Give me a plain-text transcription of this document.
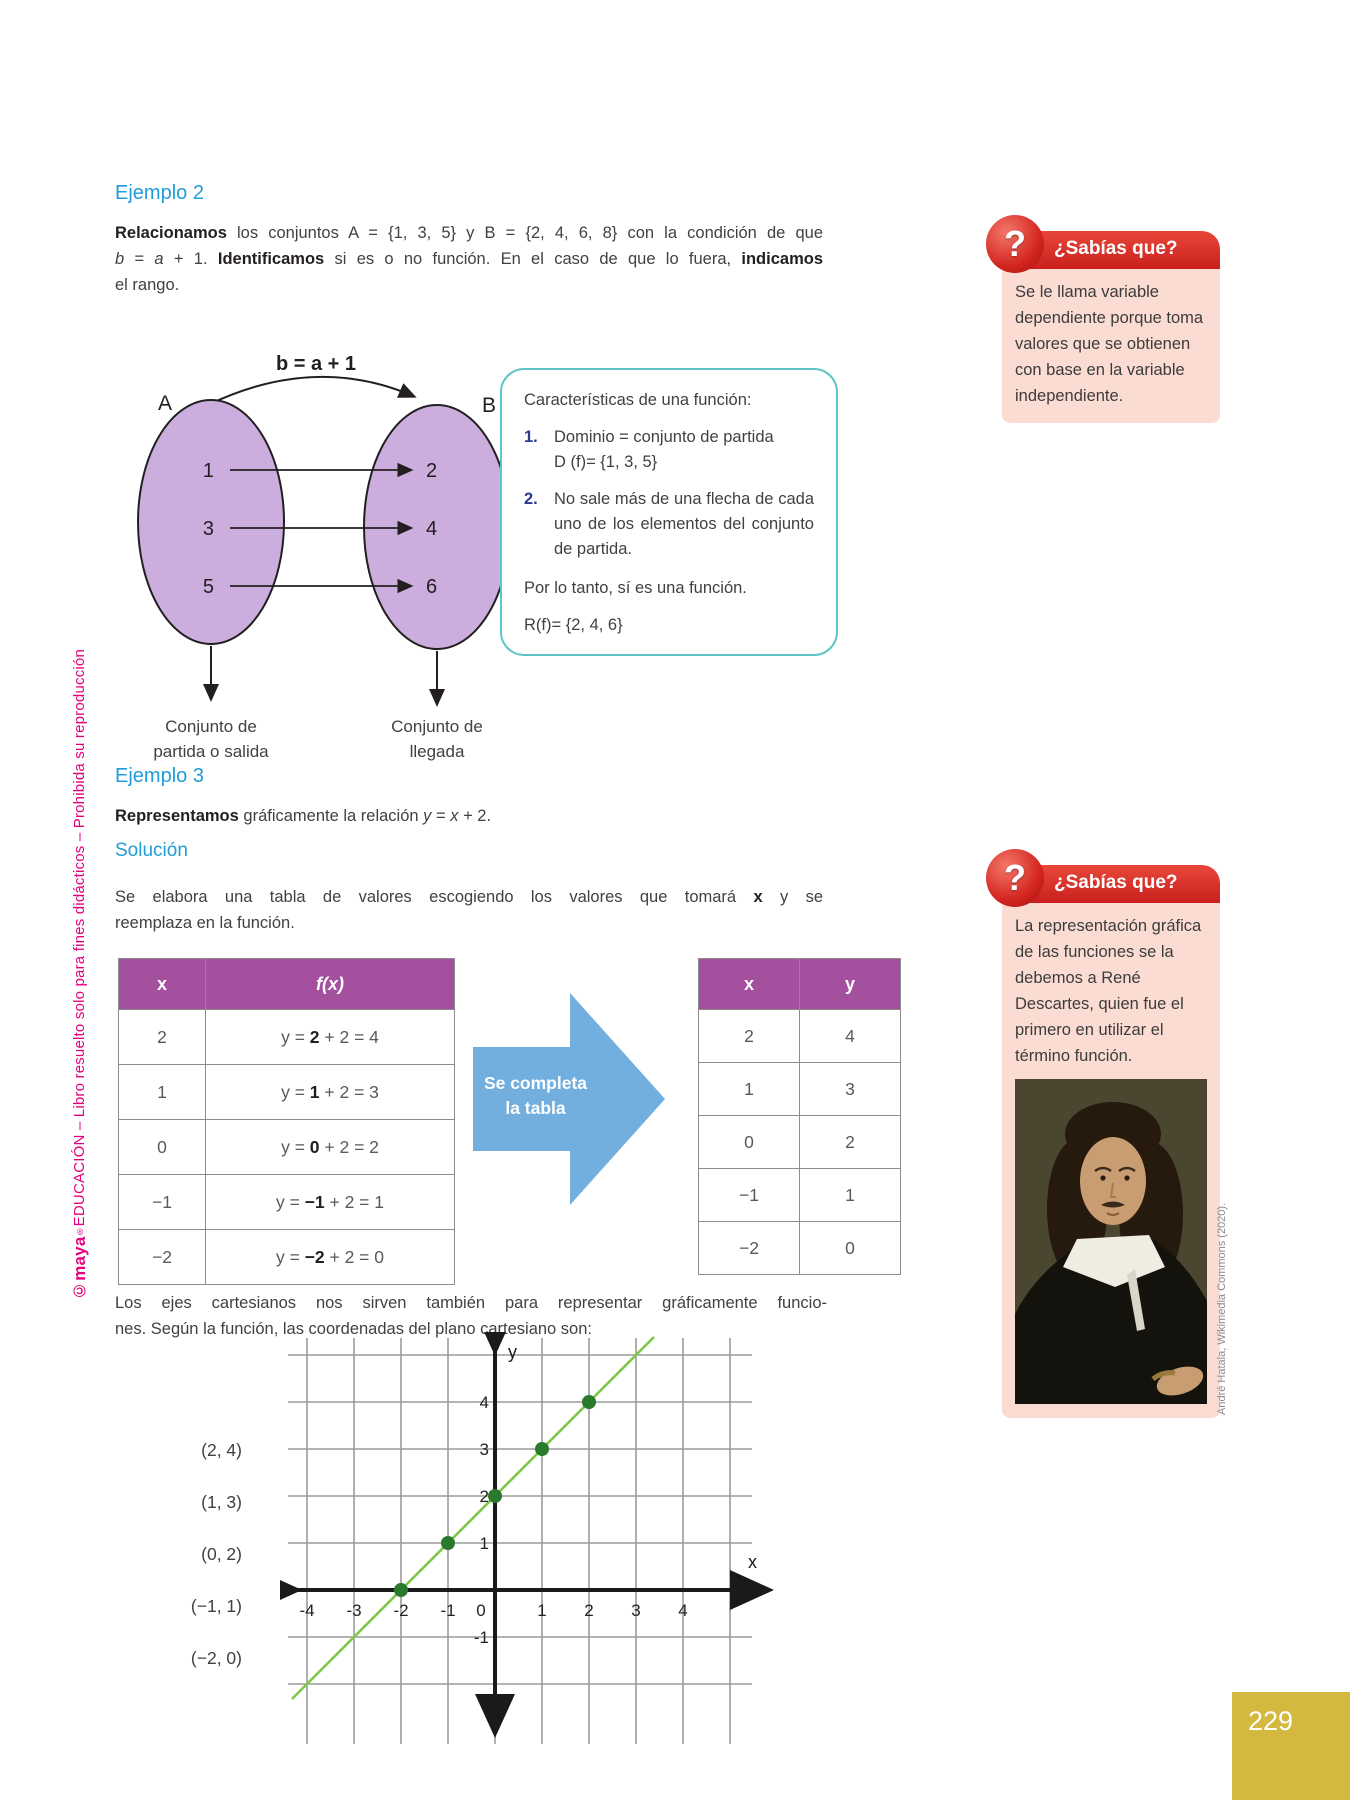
©maya®EDUCACIÓN – Libro resuelto solo para fines didácticos – Prohibida su reproducción
Ejemplo 2
Relacionamos los conjuntos A = {1, 3, 5} y B = {2, 4, 6, 8} con la condición de que
b = a + 1. Identificamos si es o no función. En el caso de que lo fuera, indicamos
el rango.
b = a + 1
A	B
1
3
5
2
4
6
Conjunto de
partida o salida
Conjunto de
llegada
Características de una función:
1. Dominio = conjunto de partida
D (f)= {1, 3, 5}
2. No sale más de una flecha de cada uno de los elementos del conjunto de partida.
Por lo tanto, sí es una función.
R(f)= {2, 4, 6}
?	¿Sabías que?
Se le llama variable dependiente porque toma valores que se obtienen con base en la variable independiente.
Ejemplo 3
Representamos gráficamente la relación y = x + 2.
Solución
Se elabora una tabla de valores escogiendo los valores que tomará x y se
reemplaza en la función.
x	f(x)
2	y = 2 + 2 = 4
1	y = 1 + 2 = 3
0	y = 0 + 2 = 2
−1	y = −1 + 2 = 1
−2	y = −2 + 2 = 0
Se completa
la tabla
x	y
2	4
1	3
0	2
−1	1
−2	0
?	¿Sabías que?
La representación gráfica de las funciones se la debemos a René Descartes, quien fue el primero en utilizar el término función.
André Hatala, Wikimedia Commons (2020).
Los ejes cartesianos nos sirven también para representar gráficamente funcio-
nes. Según la función, las coordenadas del plano cartesiano son:
(2, 4)
(1, 3)
(0, 2)
(−1, 1)
(−2, 0)
y
x
-4 -3 -2 -1 0	1 2 3 4
4
3
2
1
-1
229
